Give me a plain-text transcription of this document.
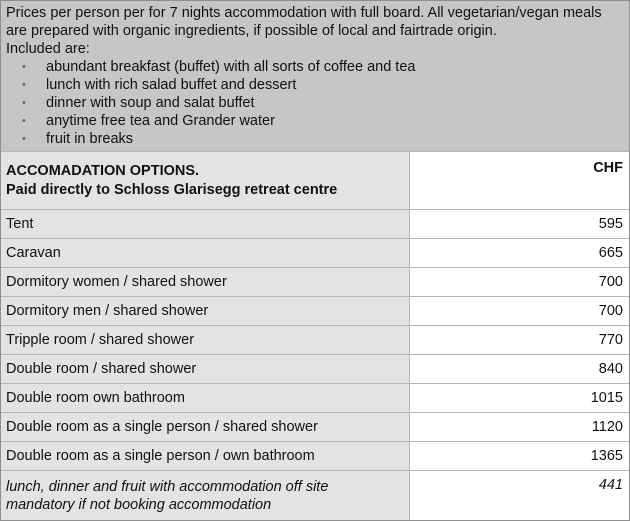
Prices per person per for 7 nights accommodation with full board. All vegetarian/vegan meals are prepared with organic ingredients, if possible of local and fairtrade origin.
Included are:
• abundant breakfast (buffet) with all sorts of coffee and tea
• lunch with rich salad buffet and dessert
• dinner with soup and salat buffet
• anytime free tea and Grander water
• fruit in breaks
ACCOMADATION OPTIONS.
Paid directly to Schloss Glarisegg retreat centre	CHF
Tent	595
Caravan	665
Dormitory women / shared shower	700
Dormitory men / shared shower	700
Tripple room / shared shower	770
Double room / shared shower	840
Double room own bathroom	1015
Double room as a single person / shared shower	1120
Double room as a single person / own bathroom	1365

lunch, dinner and fruit with accommodation off site
mandatory if not booking accommodation	441
